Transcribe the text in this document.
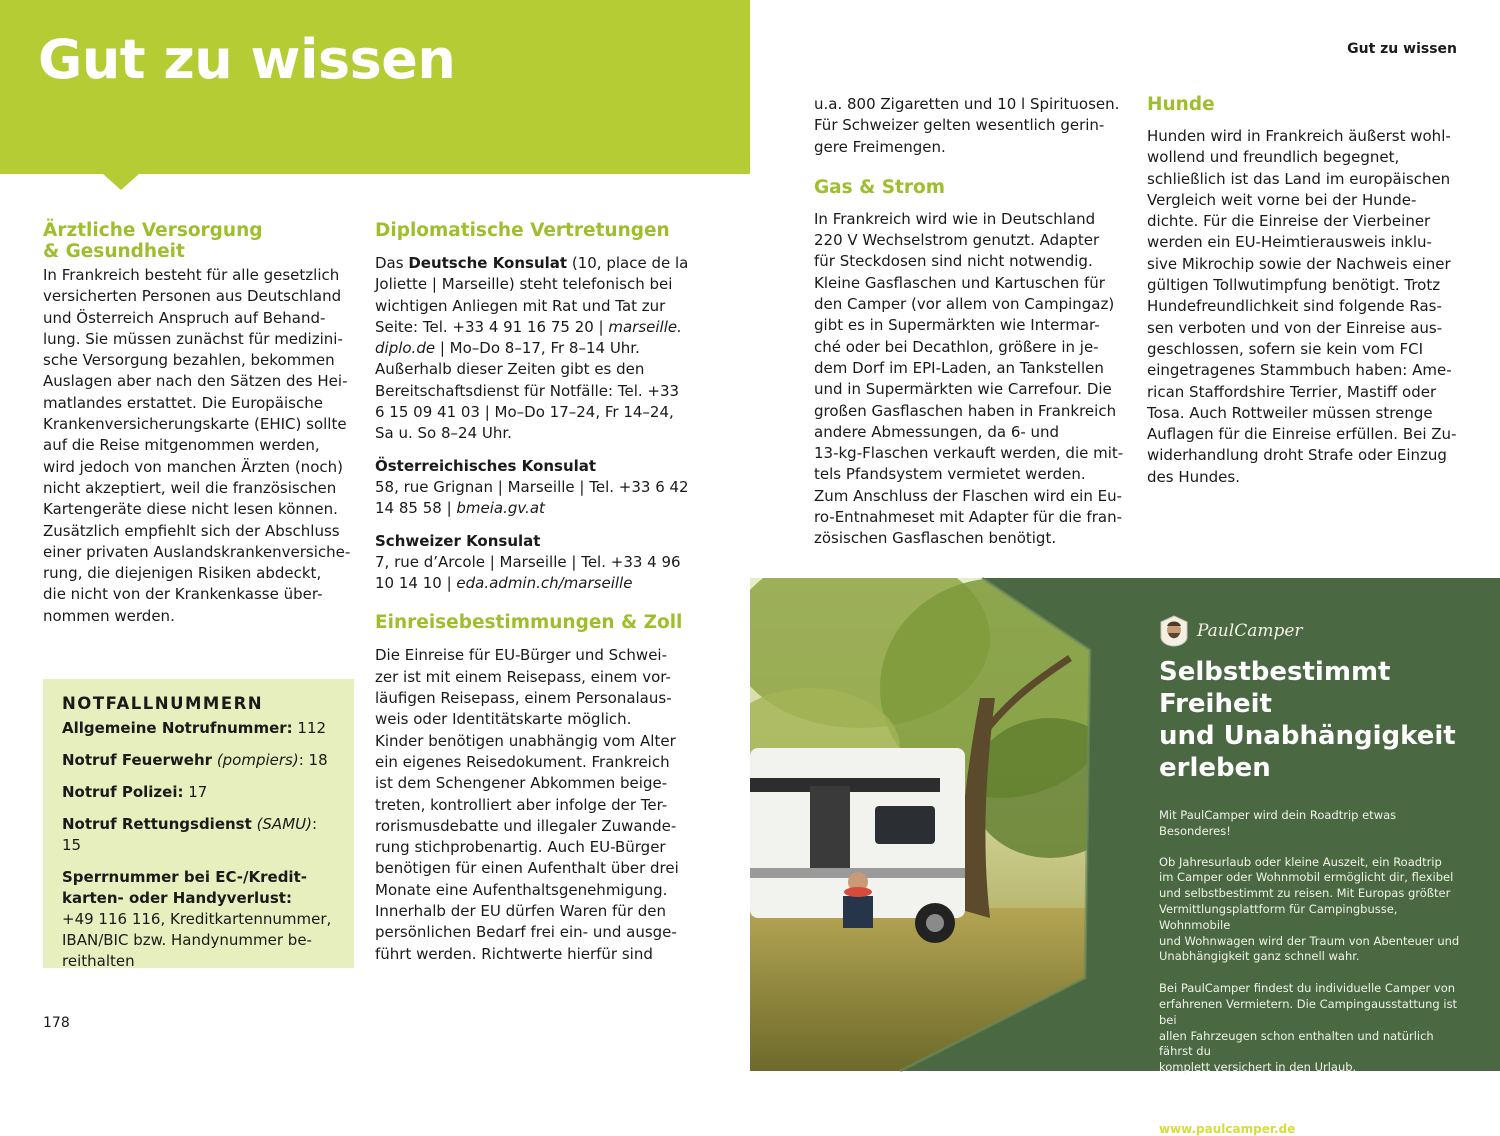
Gut zu wissen	Gut zu wissen
Ärztliche Versorgung & Gesundheit
In Frankreich besteht für alle gesetzlich
versicherten Personen aus Deutschland
und Österreich Anspruch auf Behand-
lung. Sie müssen zunächst für medizini-
sche Versorgung bezahlen, bekommen
Auslagen aber nach den Sätzen des Hei-
matlandes erstattet. Die Europäische
Krankenversicherungskarte (EHIC) sollte
auf die Reise mitgenommen werden,
wird jedoch von manchen Ärzten (noch)
nicht akzeptiert, weil die französischen
Kartengeräte diese nicht lesen können.
Zusätzlich empfiehlt sich der Abschluss
einer privaten Auslandskrankenversiche-
rung, die diejenigen Risiken abdeckt,
die nicht von der Krankenkasse über-
nommen werden.
NOTFALLNUMMERN

Allgemeine Notrufnummer: 112

Notruf Feuerwehr (pompiers): 18

Notruf Polizei: 17

Notruf Rettungsdienst (SAMU): 15

Sperrnummer bei EC-/Kredit-
karten- oder Handyverlust:
+49 116 116, Kreditkartennummer,
IBAN/BIC bzw. Handynummer be-
reithalten
178
Diplomatische Vertretungen
Das Deutsche Konsulat (10, place de la
Joliette | Marseille) steht telefonisch bei
wichtigen Anliegen mit Rat und Tat zur
Seite: Tel. +33 4 91 16 75 20 | marseille.
diplo.de | Mo–Do 8–17, Fr 8–14 Uhr.
Außerhalb dieser Zeiten gibt es den
Bereitschaftsdienst für Notfälle: Tel. +33
6 15 09 41 03 | Mo–Do 17–24, Fr 14–24,
Sa u. So 8–24 Uhr.
Österreichisches Konsulat
58, rue Grignan | Marseille | Tel. +33 6 42
14 85 58 | bmeia.gv.at
Schweizer Konsulat
7, rue d’Arcole | Marseille | Tel. +33 4 96
10 14 10 | eda.admin.ch/marseille
Einreisebestimmungen & Zoll
Die Einreise für EU-Bürger und Schwei-
zer ist mit einem Reisepass, einem vor-
läufigen Reisepass, einem Personalaus-
weis oder Identitätskarte möglich.
Kinder benötigen unabhängig vom Alter
ein eigenes Reisedokument. Frankreich
ist dem Schengener Abkommen beige-
treten, kontrolliert aber infolge der Ter-
rorismusdebatte und illegaler Zuwande-
rung stichprobenartig. Auch EU-Bürger
benötigen für einen Aufenthalt über drei
Monate eine Aufenthaltsgenehmigung.
Innerhalb der EU dürfen Waren für den
persönlichen Bedarf frei ein- und ausge-
führt werden. Richtwerte hierfür sind
u.a. 800 Zigaretten und 10 l Spirituosen.
Für Schweizer gelten wesentlich gerin-
gere Freimengen.
Gas & Strom
In Frankreich wird wie in Deutschland
220 V Wechselstrom genutzt. Adapter
für Steckdosen sind nicht notwendig.
Kleine Gasflaschen und Kartuschen für
den Camper (vor allem von Campingaz)
gibt es in Supermärkten wie Intermar-
ché oder bei Decathlon, größere in je-
dem Dorf im EPI-Laden, an Tankstellen
und in Supermärkten wie Carrefour. Die
großen Gasflaschen haben in Frankreich
andere Abmessungen, da 6- und
13-kg-Flaschen verkauft werden, die mit-
tels Pfandsystem vermietet werden.
Zum Anschluss der Flaschen wird ein Eu-
ro-Entnahmeset mit Adapter für die fran-
zösischen Gasflaschen benötigt.
Hunde
Hunden wird in Frankreich äußerst wohl-
wollend und freundlich begegnet,
schließlich ist das Land im europäischen
Vergleich weit vorne bei der Hunde-
dichte. Für die Einreise der Vierbeiner
werden ein EU-Heimtierausweis inklu-
sive Mikrochip sowie der Nachweis einer
gültigen Tollwutimpfung benötigt. Trotz
Hundefreundlichkeit sind folgende Ras-
sen verboten und von der Einreise aus-
geschlossen, sofern sie kein vom FCI
eingetragenes Stammbuch haben: Ame-
rican Staffordshire Terrier, Mastiff oder
Tosa. Auch Rottweiler müssen strenge
Auflagen für die Einreise erfüllen. Bei Zu-
widerhandlung droht Strafe oder Einzug
des Hundes.
PaulCamper
Selbstbestimmt Freiheit
und Unabhängigkeit
erleben

Mit PaulCamper wird dein Roadtrip etwas Besonderes!

Ob Jahresurlaub oder kleine Auszeit, ein Roadtrip
im Camper oder Wohnmobil ermöglicht dir, flexibel
und selbstbestimmt zu reisen. Mit Europas größter
Vermittlungsplattform für Campingbusse, Wohnmobile
und Wohnwagen wird der Traum von Abenteuer und
Unabhängigkeit ganz schnell wahr.
Bei PaulCamper findest du individuelle Camper von
erfahrenen Vermietern. Die Campingausstattung ist bei
allen Fahrzeugen schon enthalten und natürlich fährst du
komplett versichert in den Urlaub.
Camper aussuchen, buchen und losfahren
www.paulcamper.de
